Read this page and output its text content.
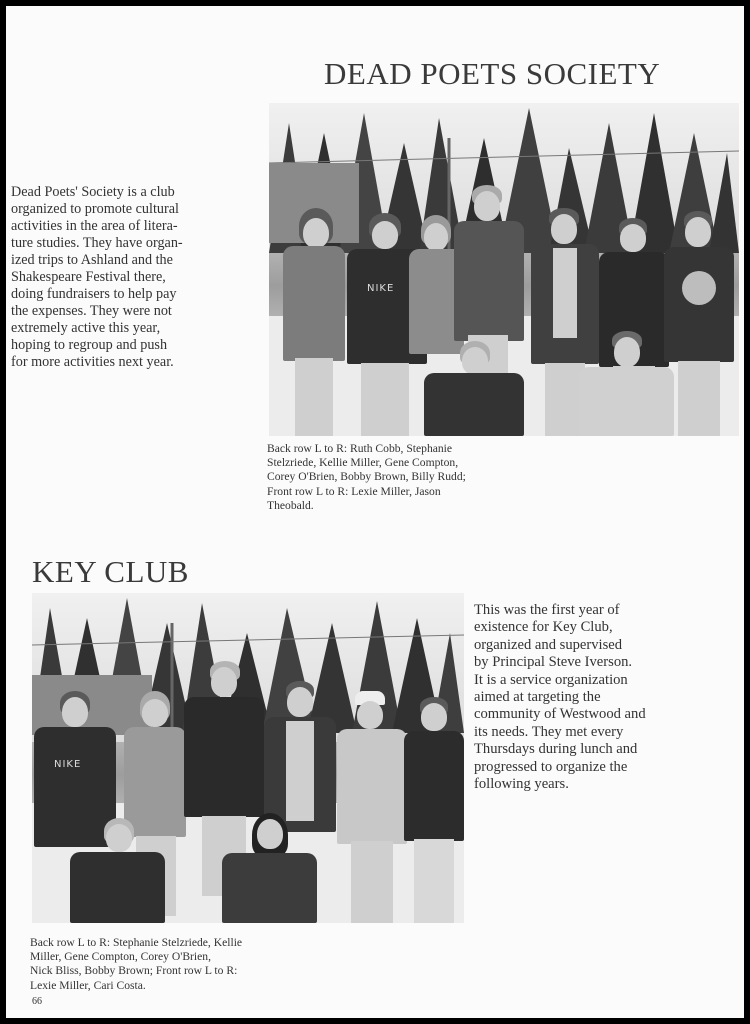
DEAD POETS SOCIETY
NIKE

Dead Poets' Society is a club
organized to promote cultural
activities in the area of litera-
ture studies. They have organ-
ized trips to Ashland and the
Shakespeare Festival there,
doing fundraisers to help pay
the expenses. They were not
extremely active this year,
hoping to regroup and push
for more activities next year.

Back row L to R: Ruth Cobb, Stephanie
Stelzriede, Kellie Miller, Gene Compton,
Corey O'Brien, Bobby Brown, Billy Rudd;
Front row L to R: Lexie Miller, Jason
Theobald.

KEY CLUB
NIKE

This was the first year of
existence for Key Club,
organized and supervised
by Principal Steve Iverson.
It is a service organization
aimed at targeting the
community of Westwood and
its needs. They met every
Thursdays during lunch and
progressed to organize the
following years.

Back row L to R: Stephanie Stelzriede, Kellie
Miller, Gene Compton, Corey O'Brien,
Nick Bliss, Bobby Brown; Front row L to R:
Lexie Miller, Cari Costa.

66
